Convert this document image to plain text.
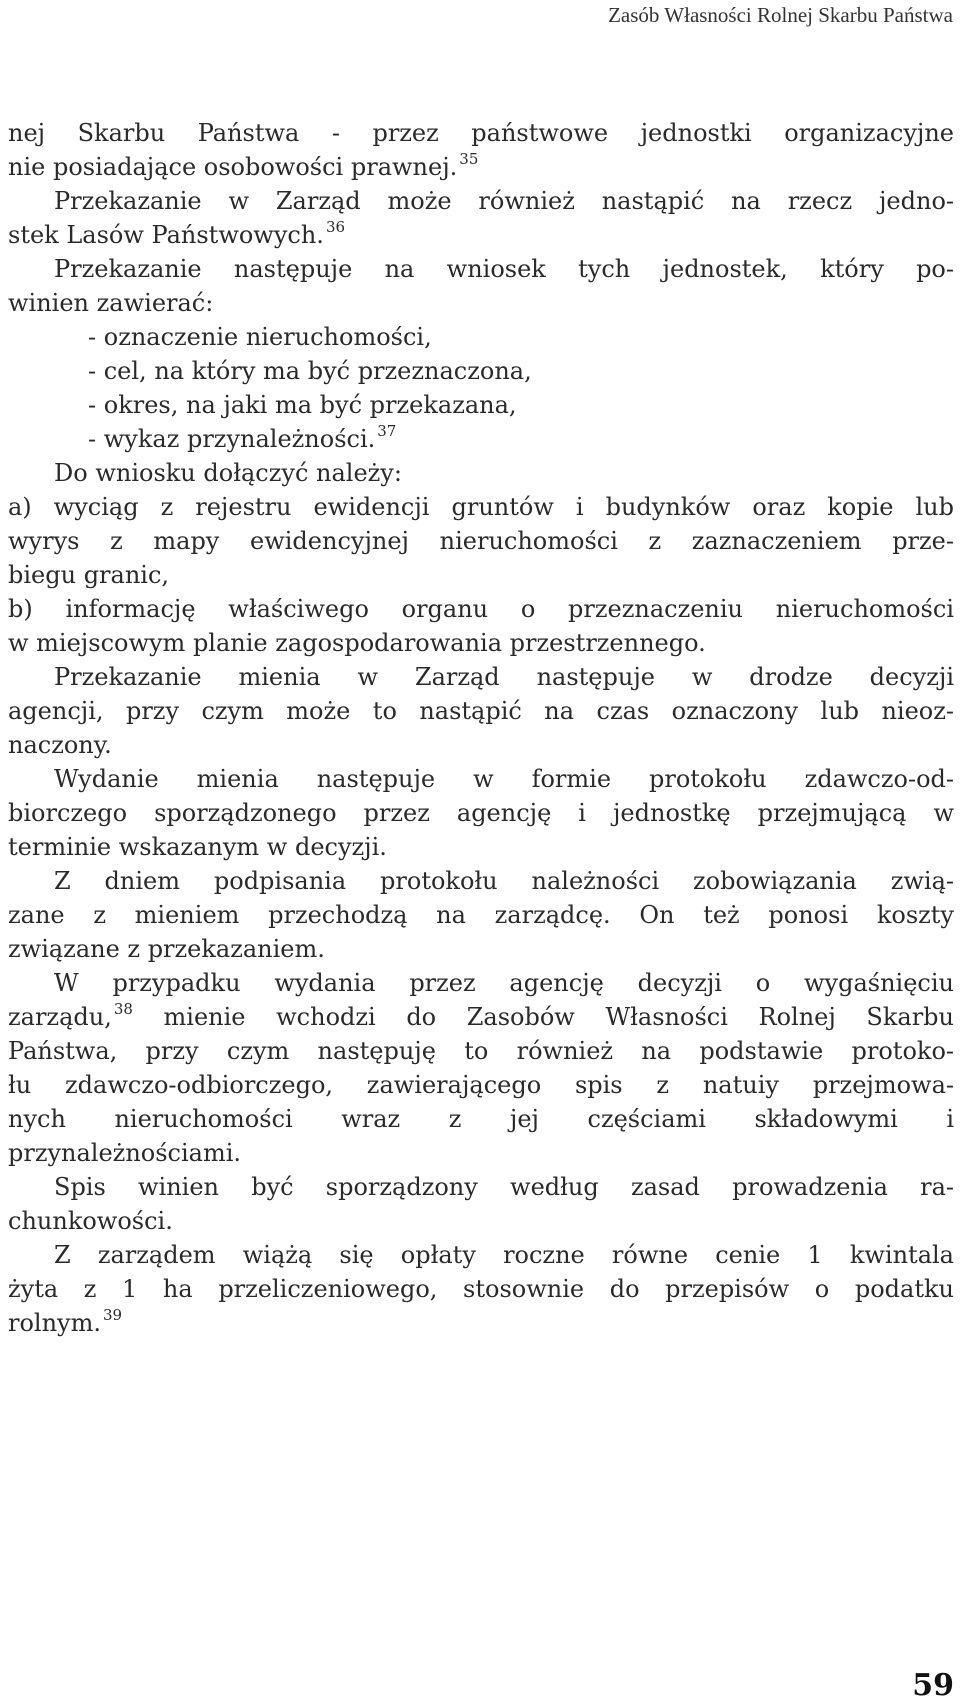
Zasób Własności Rolnej Skarbu Państwa
nej Skarbu Państwa - przez państwowe jednostki organizacyjne
nie posiadające osobowości prawnej. $^{35}$
Przekazanie w Zarząd może również nastąpić na rzecz jedno-
stek Lasów Państwowych. $^{36}$
Przekazanie następuje na wniosek tych jednostek, który po-
winien zawierać:
- oznaczenie nieruchomości,
- cel, na który ma być przeznaczona,
- okres, na jaki ma być przekazana,
- wykaz przynależności. $^{37}$
Do wniosku dołączyć należy:
a) wyciąg z rejestru ewidencji gruntów i budynków oraz kopie lub
wyrys z mapy ewidencyjnej nieruchomości z zaznaczeniem prze-
biegu granic,
b) informację właściwego organu o przeznaczeniu nieruchomości
w miejscowym planie zagospodarowania przestrzennego.
Przekazanie mienia w Zarząd następuje w drodze decyzji
agencji, przy czym może to nastąpić na czas oznaczony lub nieoz-
naczony.
Wydanie mienia następuje w formie protokołu zdawczo-od-
biorczego sporządzonego przez agencję i jednostkę przejmującą w
terminie wskazanym w decyzji.
Z dniem podpisania protokołu należności zobowiązania zwią-
zane z mieniem przechodzą na zarządcę. On też ponosi koszty
związane z przekazaniem.
W przypadku wydania przez agencję decyzji o wygaśnięciu
zarządu, $^{38}$ mienie wchodzi do Zasobów Własności Rolnej Skarbu
Państwa, przy czym następuję to również na podstawie protoko-
łu zdawczo-odbiorczego, zawierającego spis z natuiy przejmowa-
nych nieruchomości wraz z jej częściami składowymi i
przynależnościami.
Spis winien być sporządzony według zasad prowadzenia ra-
chunkowości.
Z zarządem wiążą się opłaty roczne równe cenie 1 kwintala
żyta z 1 ha przeliczeniowego, stosownie do przepisów o podatku
rolnym. $^{39}$
59
